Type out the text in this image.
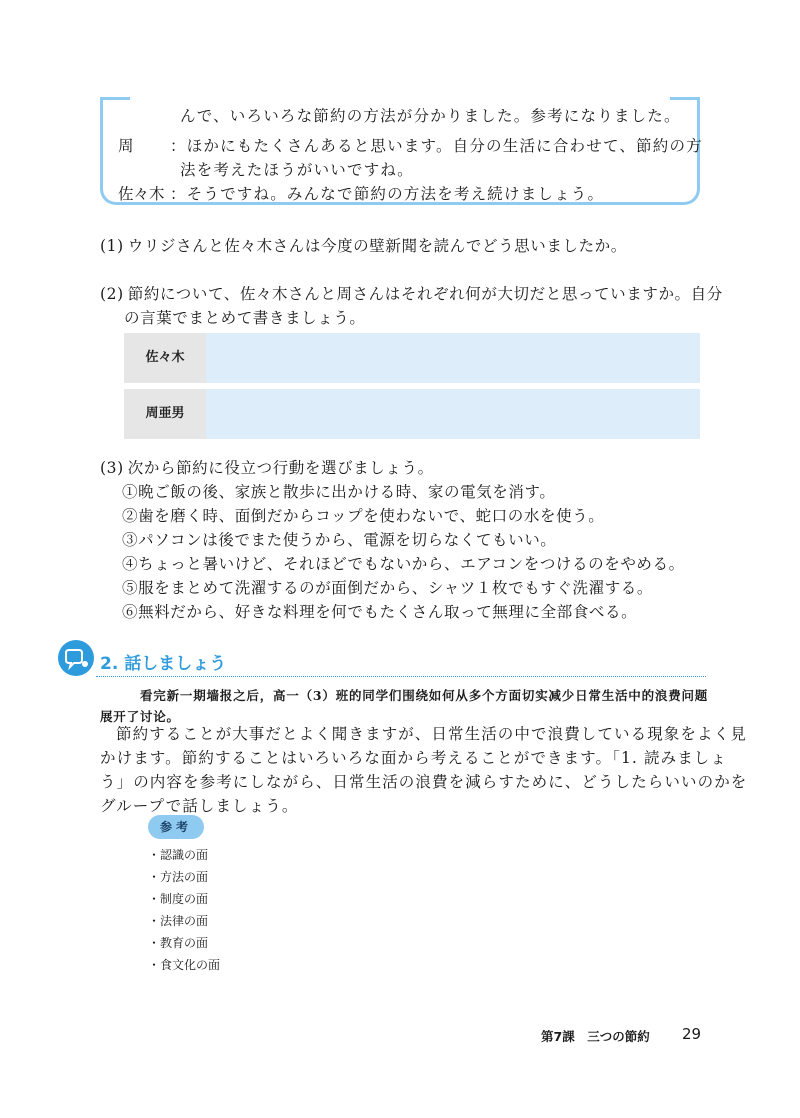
んで、いろいろな節約の方法が分かりました。参考になりました。
周 ：ほかにもたくさんあると思います。自分の生活に合わせて、節約の方
法を考えたほうがいいですね。
佐々木 ：そうですね。みんなで節約の方法を考え続けましょう。
(1) ウリジさんと佐々木さんは今度の壁新聞を読んでどう思いましたか。
(2) 節約について、佐々木さんと周さんはそれぞれ何が大切だと思っていますか。自分
の言葉でまとめて書きましょう。
佐々木
周亜男
(3) 次から節約に役立つ行動を選びましょう。
①晩ご飯の後、家族と散歩に出かける時、家の電気を消す。
②歯を磨く時、面倒だからコップを使わないで、蛇口の水を使う。
③パソコンは後でまた使うから、電源を切らなくてもいい。
④ちょっと暑いけど、それほどでもないから、エアコンをつけるのをやめる。
⑤服をまとめて洗濯するのが面倒だから、シャツ１枚でもすぐ洗濯する。
⑥無料だから、好きな料理を何でもたくさん取って無理に全部食べる。
2. 話しましょう
看完新一期墙报之后，高一（3）班的同学们围绕如何从多个方面切实减少日常生活中的浪费问题
展开了讨论。
節約することが大事だとよく聞きますが、日常生活の中で浪費している現象をよく見
かけます。節約することはいろいろな面から考えることができます。「1. 読みましょ
う」の内容を参考にしながら、日常生活の浪費を減らすために、どうしたらいいのかを
グループで話しましょう。
参考
・認識の面
・方法の面
・制度の面
・法律の面
・教育の面
・食文化の面
第7課　三つの節約 29
